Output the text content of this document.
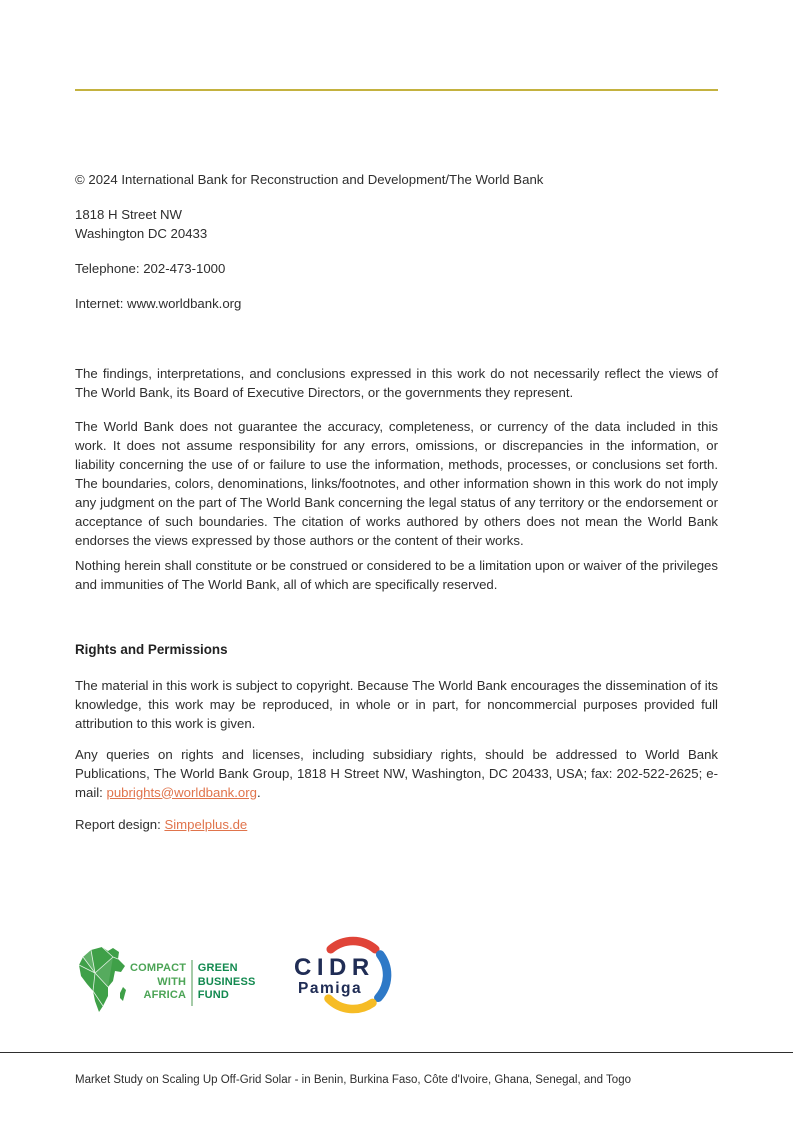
© 2024 International Bank for Reconstruction and Development/The World Bank

1818 H Street NW
Washington DC 20433

Telephone: 202-473-1000

Internet: www.worldbank.org

The findings, interpretations, and conclusions expressed in this work do not necessarily reflect the views of The World Bank, its Board of Executive Directors, or the governments they represent.

The World Bank does not guarantee the accuracy, completeness, or currency of the data included in this work. It does not assume responsibility for any errors, omissions, or discrepancies in the information, or liability concerning the use of or failure to use the information, methods, processes, or conclusions set forth. The boundaries, colors, denominations, links/footnotes, and other information shown in this work do not imply any judgment on the part of The World Bank concerning the legal status of any territory or the endorsement or acceptance of such boundaries. The citation of works authored by others does not mean the World Bank endorses the views expressed by those authors or the content of their works.

Nothing herein shall constitute or be construed or considered to be a limitation upon or waiver of the privileges and immunities of The World Bank, all of which are specifically reserved.

Rights and Permissions

The material in this work is subject to copyright. Because The World Bank encourages the dissemination of its knowledge, this work may be reproduced, in whole or in part, for noncommercial purposes provided full attribution to this work is given.

Any queries on rights and licenses, including subsidiary rights, should be addressed to World Bank Publications, The World Bank Group, 1818 H Street NW, Washington, DC 20433, USA; fax: 202-522-2625; e-mail: pubrights@worldbank.org.

Report design: Simpelplus.de

COMPACT
WITH
AFRICA
GREEN
BUSINESS
FUND
CIDR
Pamiga
Market Study on Scaling Up Off-Grid Solar - in Benin, Burkina Faso, Côte d'Ivoire, Ghana, Senegal, and Togo
